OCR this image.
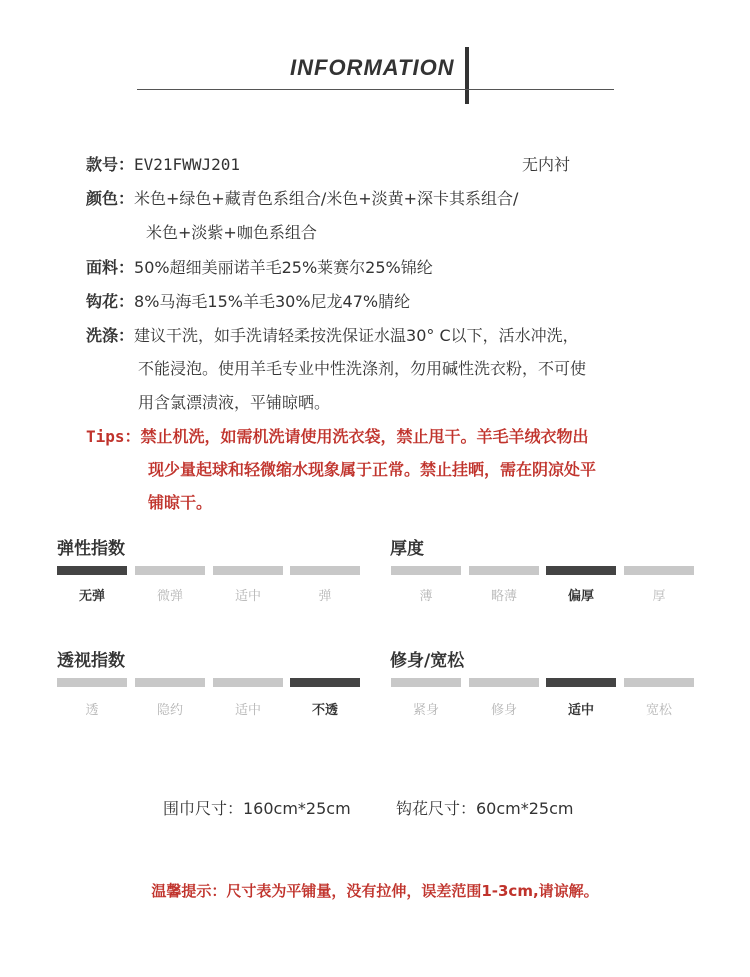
INFORMATION
款号：EV21FWWJ201	无内衬
颜色：米色+绿色+藏青色系组合/米色+淡黄+深卡其系组合/
米色+淡紫+咖色系组合
面料：50%超细美丽诺羊毛25%莱赛尔25%锦纶
钩花：8%马海毛15%羊毛30%尼龙47%腈纶
洗涤：建议干洗，如手洗请轻柔按洗保证水温30° C以下，活水冲洗，
不能浸泡。使用羊毛专业中性洗涤剂，勿用碱性洗衣粉，不可使
用含氯漂渍液，平铺晾晒。
Tips：禁止机洗，如需机洗请使用洗衣袋，禁止甩干。羊毛羊绒衣物出
现少量起球和轻微缩水现象属于正常。禁止挂晒，需在阴凉处平
铺晾干。
弹性指数
无弹	微弹	适中	弹
厚度
薄	略薄	偏厚	厚
透视指数
透	隐约	适中	不透
修身/宽松
紧身	修身	适中	宽松
围巾尺寸：160cm*25cm	钩花尺寸：60cm*25cm
温馨提示：尺寸表为平铺量，没有拉伸，误差范围1-3cm,请谅解。
